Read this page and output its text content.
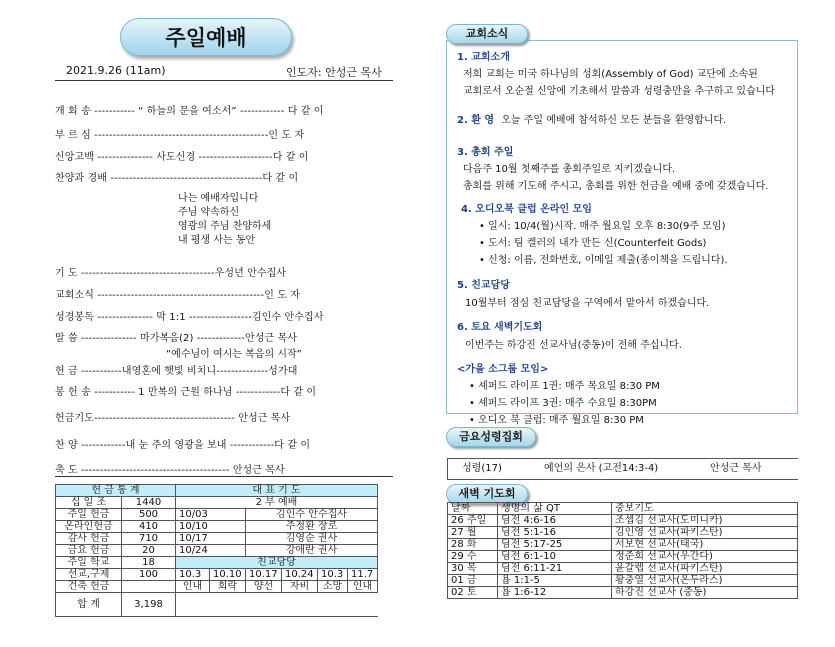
주일예배
2021.9.26 (11am)	인도자: 안성근 목사
개 회 송 ----------- “ 하늘의 문을 여소서” ------------ 다 같 이
부 르 심 -----------------------------------------------인 도 자
신앙고백 --------------- 사도신경 --------------------다 같 이
찬양과 경배 -----------------------------------------다 같 이
나는 예배자입니다
주님 약속하신
영광의 주님 찬양하세
내 평생 사는 동안
기 도 ------------------------------------우성년 안수집사
교회소식 ---------------------------------------------인 도 자
성경봉독 --------------- 막 1:1 -----------------김인수 안수집사
말 씀 --------------- 마가복음(2) -------------안성근 목사
“예수님이 여시는 복음의 시작”
헌 금 -----------내영혼에 햇빛 비치니--------------성가대
봉 헌 송 ----------- 1 만복의 근원 하나님 ------------다 같 이
헌금기도-------------------------------------- 안성근 목사
찬 양 ------------내 눈 주의 영광을 보내 ------------다 같 이
축 도 ---------------------------------------- 안성근 목사
헌 금 통 계		대 표 기 도					
십 일 조	1440	2 부 예배					
주일 헌금	500	10/03		김인수 안수집사			
온라인헌금	410	10/10		주정환 장로			
감사 헌금	710	10/17		김영순 권사			
금요 헌금	20	10/24		강애란 권사			
주일 학교	18	친교당당					
선교,구제	100	10.3	10.10	10.17	10.24	10.3	11.7
건축 헌금		인내	희락	양선	자비	소망	인내
합 계	3,198						
교회소식
1. 교회소개
저희 교회는 미국 하나님의 성회(Assembly of God) 교단에 소속된
교회로서 오순절 신앙에 기초해서 말씀과 성령충만을 추구하고 있습니다
2. 환 영 오늘 주일 예배에 참석하신 모든 분들을 환영합니다.
3. 총회 주일
다음주 10월 첫째주를 총회주일로 지키겠습니다.
총회를 위해 기도해 주시고, 총회를 위한 헌금을 예배 중에 갖겠습니다.
4. 오디오북 클럽 온라인 모임
• 일시: 10/4(월)시작. 매주 월요일 오후 8:30(9주 모임)
• 도서: 팀 켈러의 내가 만든 신(Counterfeit Gods)
• 신청: 이름, 전화번호, 이메일 제출(종이책을 드립니다).
5. 친교담당
10월부터 점심 친교담당을 구역에서 맡아서 하겠습니다.
6. 토요 새벽기도회
이번주는 하강진 선교사님(중동)이 전해 주십니다.
<가을 소그룹 모임>
• 셰퍼드 라이프 1권: 매주 목요일 8:30 PM
• 셰퍼드 라이프 3권: 매주 수요일 8:30PM
• 오디오 북 클럽: 매주 월요일 8:30 PM
금요성령집회
성령(17)	예언의 은사 (고전14:3-4)	안성근 목사
새벽 기도회
날짜	생명의 삶 QT	중보기도
26 주일	딤전 4:6-16	조셉김 선교사(도미니카)
27 월	딤전 5:1-16	김인영 선교사(파키스탄)
28 화	딤전 5:17-25	서보현 선교사(태국)
29 수	딤전 6:1-10	정준희 선교사(우간다)
30 목	딤전 6:11-21	윤갈렙 선교사(파키스탄)
01 금	욥 1:1-5	황충열 선교사(온두라스)
02 토	욥 1:6-12	하강진 선교사 (중동)
